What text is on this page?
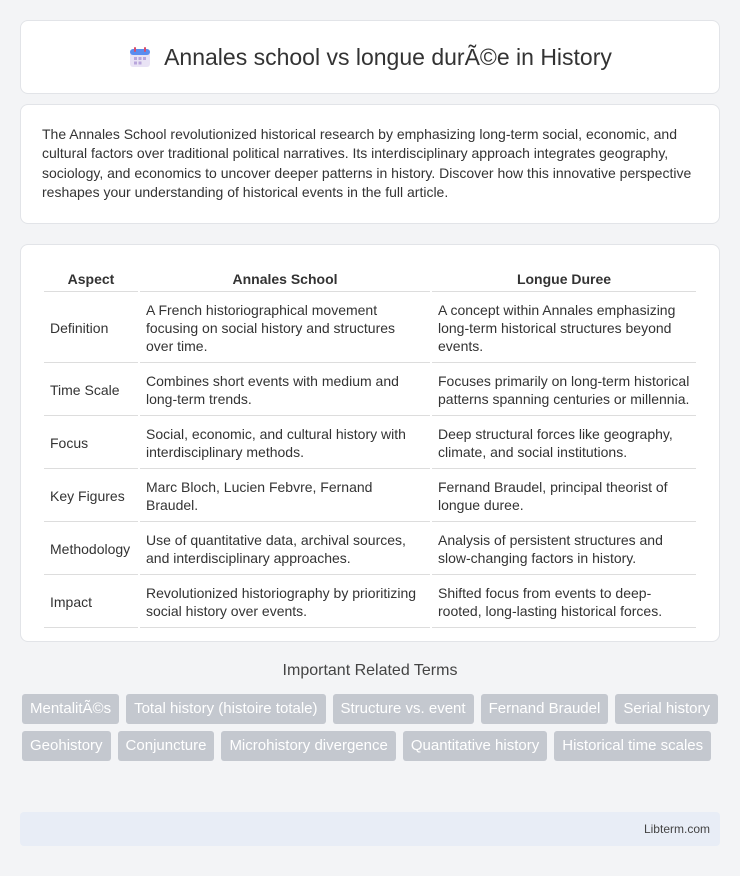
Annales school vs longue durÃ©e in History

The Annales School revolutionized historical research by emphasizing long-term social, economic, and cultural factors over traditional political narratives. Its interdisciplinary approach integrates geography, sociology, and economics to uncover deeper patterns in history. Discover how this innovative perspective reshapes your understanding of historical events in the full article.

Aspect	Annales School	Longue Duree
Definition	A French historiographical movement focusing on social history and structures over time.	A concept within Annales emphasizing long-term historical structures beyond events.
Time Scale	Combines short events with medium and long-term trends.	Focuses primarily on long-term historical patterns spanning centuries or millennia.
Focus	Social, economic, and cultural history with interdisciplinary methods.	Deep structural forces like geography, climate, and social institutions.
Key Figures	Marc Bloch, Lucien Febvre, Fernand Braudel.	Fernand Braudel, principal theorist of longue duree.
Methodology	Use of quantitative data, archival sources, and interdisciplinary approaches.	Analysis of persistent structures and slow-changing factors in history.
Impact	Revolutionized historiography by prioritizing social history over events.	Shifted focus from events to deep-rooted, long-lasting historical forces.
Important Related Terms
MentalitÃ©s	Total history (histoire totale)	Structure vs. event	Fernand Braudel	Serial history
Geohistory	Conjuncture	Microhistory divergence	Quantitative history	Historical time scales
Libterm.com
